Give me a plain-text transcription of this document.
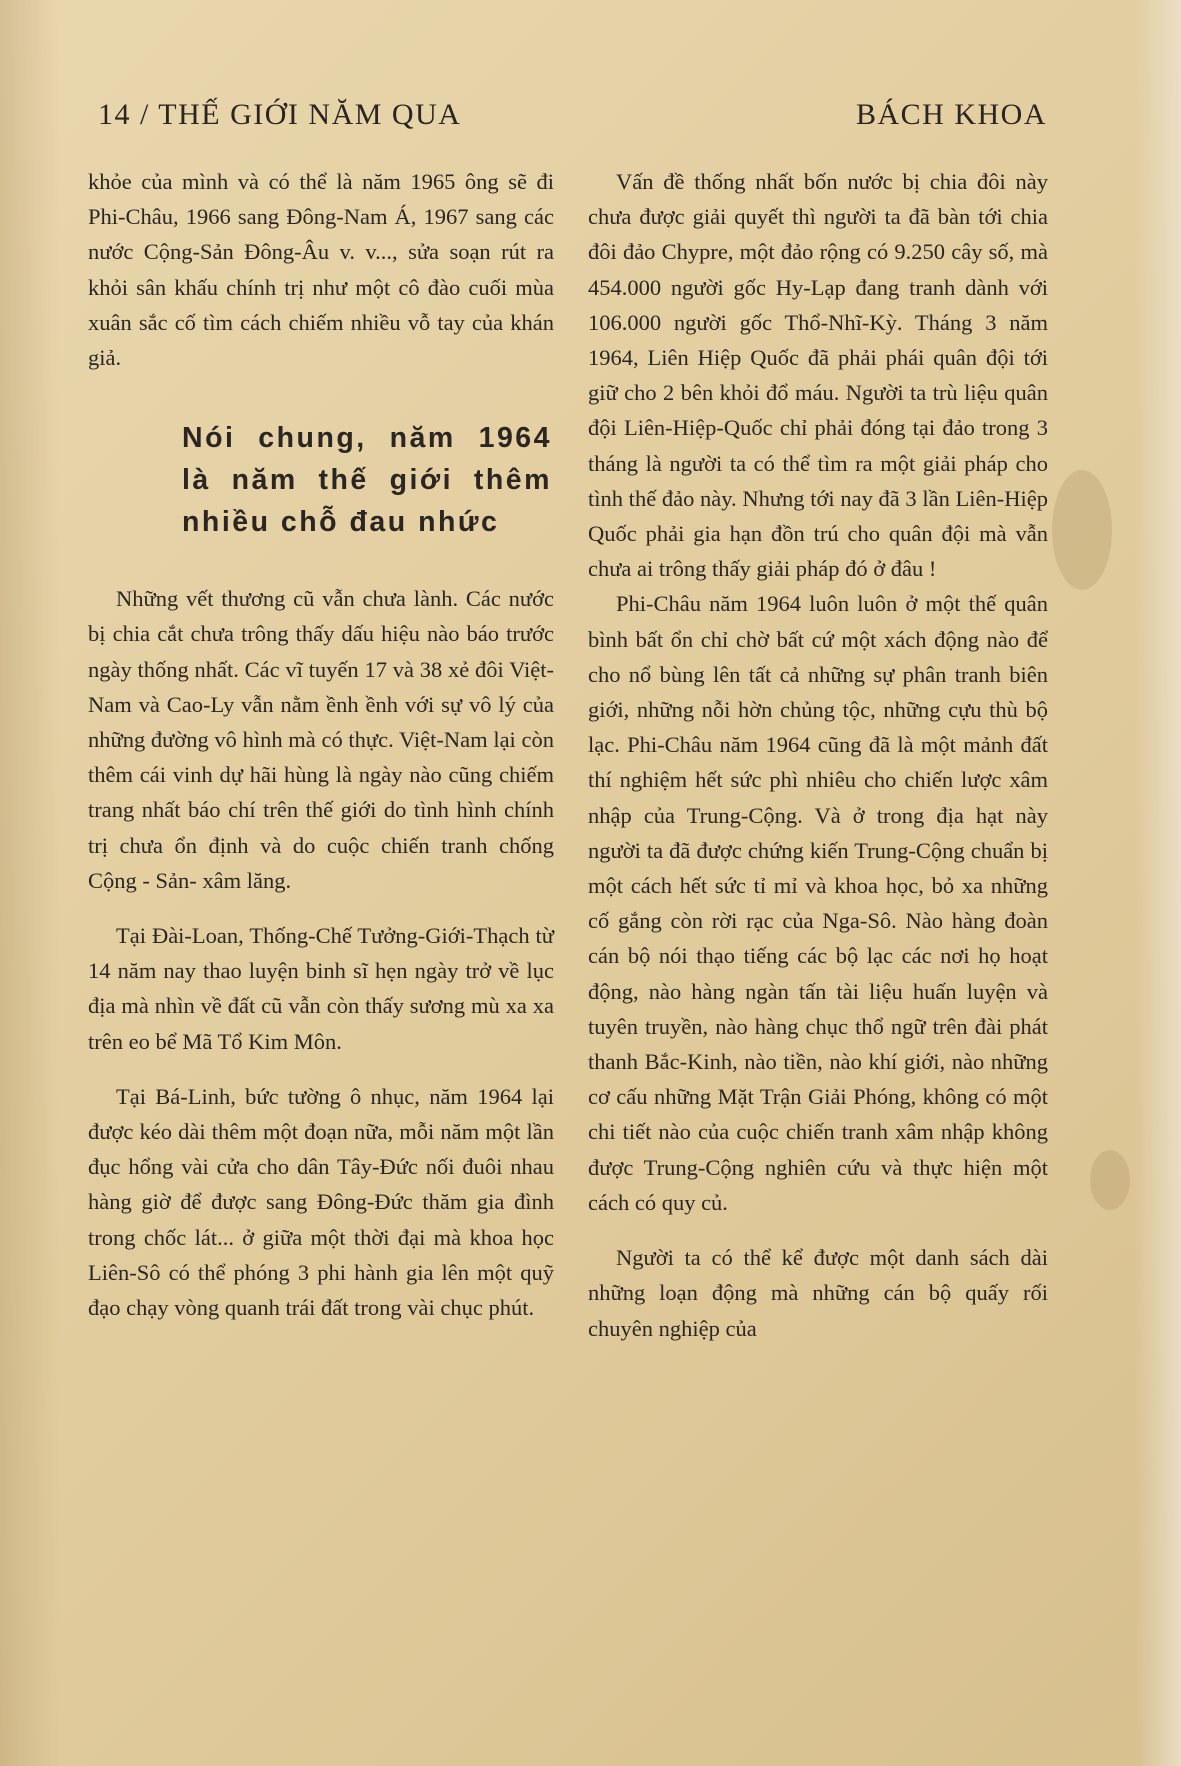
14 / THẾ GIỚI NĂM QUA	BÁCH KHOA

khỏe của mình và có thể là năm 1965 ông sẽ đi Phi-Châu, 1966 sang Đông-Nam Á, 1967 sang các nước Cộng-Sản Đông-Âu v. v..., sửa soạn rút ra khỏi sân khấu chính trị như một cô đào cuối mùa xuân sắc cố tìm cách chiếm nhiều vỗ tay của khán giả.

Nói chung, năm 1964 là năm thế giới thêm nhiều chỗ đau nhức

Những vết thương cũ vẫn chưa lành. Các nước bị chia cắt chưa trông thấy dấu hiệu nào báo trước ngày thống nhất. Các vĩ tuyến 17 và 38 xẻ đôi Việt-Nam và Cao-Ly vẫn nằm ềnh ềnh với sự vô lý của những đường vô hình mà có thực. Việt-Nam lại còn thêm cái vinh dự hãi hùng là ngày nào cũng chiếm trang nhất báo chí trên thế giới do tình hình chính trị chưa ổn định và do cuộc chiến tranh chống Cộng - Sản- xâm lăng.

Tại Đài-Loan, Thống-Chế Tưởng-Giới-Thạch từ 14 năm nay thao luyện binh sĩ hẹn ngày trở về lục địa mà nhìn về đất cũ vẫn còn thấy sương mù xa xa trên eo bể Mã Tổ Kim Môn.

Tại Bá-Linh, bức tường ô nhục, năm 1964 lại được kéo dài thêm một đoạn nữa, mỗi năm một lần đục hổng vài cửa cho dân Tây-Đức nối đuôi nhau hàng giờ để được sang Đông-Đức thăm gia đình trong chốc lát... ở giữa một thời đại mà khoa học Liên-Sô có thể phóng 3 phi hành gia lên một quỹ đạo chạy vòng quanh trái đất trong vài chục phút.

Vấn đề thống nhất bốn nước bị chia đôi này chưa được giải quyết thì người ta đã bàn tới chia đôi đảo Chypre, một đảo rộng có 9.250 cây số, mà 454.000 người gốc Hy-Lạp đang tranh dành với 106.000 người gốc Thổ-Nhĩ-Kỳ. Tháng 3 năm 1964, Liên Hiệp Quốc đã phải phái quân đội tới giữ cho 2 bên khỏi đổ máu. Người ta trù liệu quân đội Liên-Hiệp-Quốc chỉ phải đóng tại đảo trong 3 tháng là người ta có thể tìm ra một giải pháp cho tình thế đảo này. Nhưng tới nay đã 3 lần Liên-Hiệp Quốc phải gia hạn đồn trú cho quân đội mà vẫn chưa ai trông thấy giải pháp đó ở đâu !

Phi-Châu năm 1964 luôn luôn ở một thế quân bình bất ổn chỉ chờ bất cứ một xách động nào để cho nổ bùng lên tất cả những sự phân tranh biên giới, những nỗi hờn chủng tộc, những cựu thù bộ lạc. Phi-Châu năm 1964 cũng đã là một mảnh đất thí nghiệm hết sức phì nhiêu cho chiến lược xâm nhập của Trung-Cộng. Và ở trong địa hạt này người ta đã được chứng kiến Trung-Cộng chuẩn bị một cách hết sức tỉ mỉ và khoa học, bỏ xa những cố gắng còn rời rạc của Nga-Sô. Nào hàng đoàn cán bộ nói thạo tiếng các bộ lạc các nơi họ hoạt động, nào hàng ngàn tấn tài liệu huấn luyện và tuyên truyền, nào hàng chục thổ ngữ trên đài phát thanh Bắc-Kinh, nào tiền, nào khí giới, nào những cơ cấu những Mặt Trận Giải Phóng, không có một chi tiết nào của cuộc chiến tranh xâm nhập không được Trung-Cộng nghiên cứu và thực hiện một cách có quy củ.

Người ta có thể kể được một danh sách dài những loạn động mà những cán bộ quấy rối chuyên nghiệp của
